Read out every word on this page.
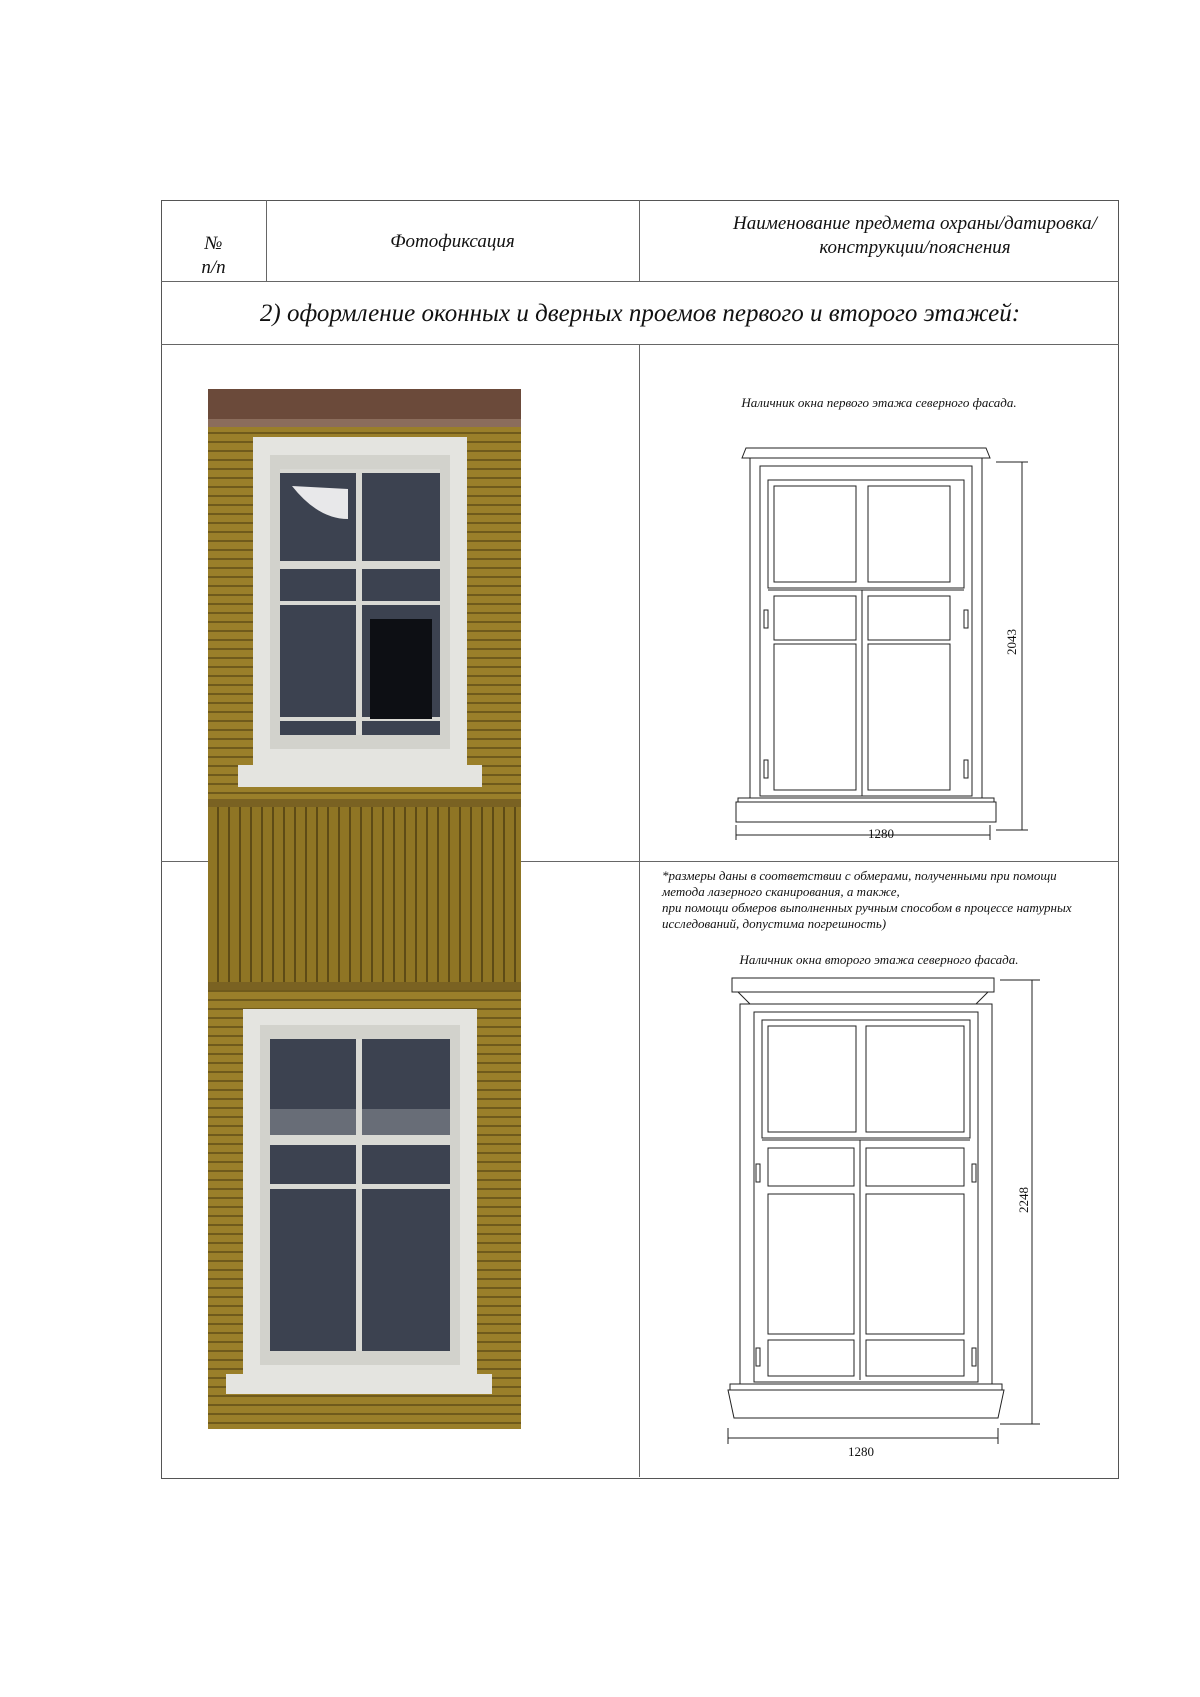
№
п/п
Фотофиксация
Наименование предмета охраны/датировка/ конструкции/пояснения
2) оформление оконных и дверных проемов первого и второго этажей:
Наличник окна первого этажа северного фасада.
1280
2043
*размеры даны в соответствии с обмерами, полученными при помощи метода лазерного сканирования, а также,
при помощи обмеров выполненных ручным способом в процессе натурных исследований, допустима погрешность)
Наличник окна второго этажа северного фасада.
1280
2248
